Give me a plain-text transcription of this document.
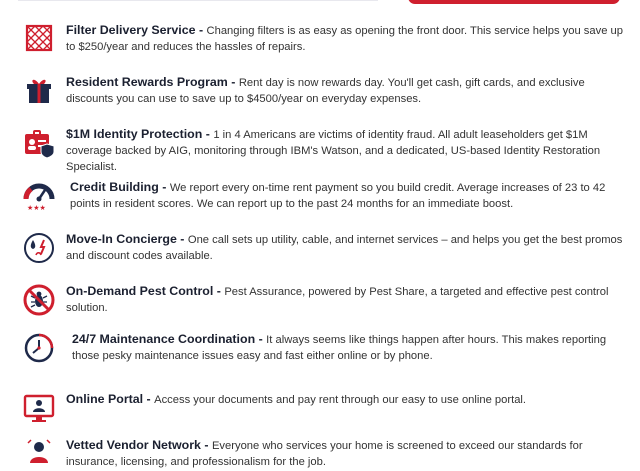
Filter Delivery Service - Changing filters is as easy as opening the front door. This service helps you save up to $250/year and reduces the hassles of repairs.
Resident Rewards Program - Rent day is now rewards day. You'll get cash, gift cards, and exclusive discounts you can use to save up to $4500/year on everyday expenses.
$1M Identity Protection - 1 in 4 Americans are victims of identity fraud. All adult leaseholders get $1M coverage backed by AIG, monitoring through IBM's Watson, and a dedicated, US-based Identity Restoration Specialist.
★★★
Credit Building - We report every on-time rent payment so you build credit. Average increases of 23 to 42 points in resident scores. We can report up to the past 24 months for an immediate boost.
Move-In Concierge - One call sets up utility, cable, and internet services – and helps you get the best promos and discount codes available.
On-Demand Pest Control - Pest Assurance, powered by Pest Share, a targeted and effective pest control solution.
24/7 Maintenance Coordination - It always seems like things happen after hours. This makes reporting those pesky maintenance issues easy and fast either online or by phone.
Online Portal - Access your documents and pay rent through our easy to use online portal.
Vetted Vendor Network - Everyone who services your home is screened to exceed our standards for insurance, licensing, and professionalism for the job.
